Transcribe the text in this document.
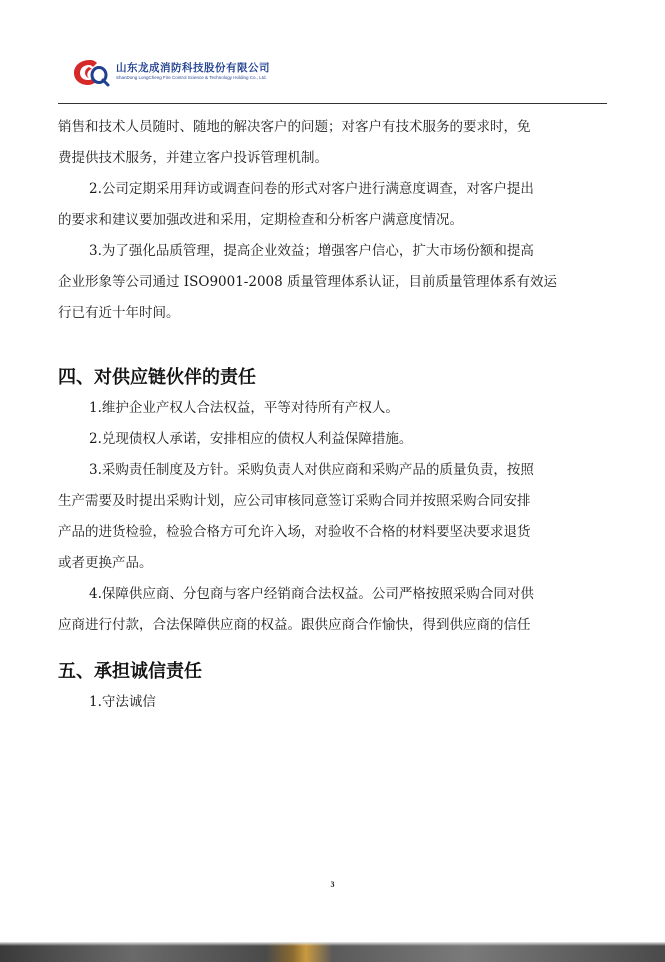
山东龙成消防科技股份有限公司
ShanDong LongCheng Fire Control Science & Technology Holding Co., Ltd.

销售和技术人员随时、随地的解决客户的问题；对客户有技术服务的要求时，免
费提供技术服务，并建立客户投诉管理机制。

2.公司定期采用拜访或调查问卷的形式对客户进行满意度调查，对客户提出
的要求和建议要加强改进和采用，定期检查和分析客户满意度情况。

3.为了强化品质管理，提高企业效益；增强客户信心，扩大市场份额和提高
企业形象等公司通过 ISO9001-2008 质量管理体系认证，目前质量管理体系有效运
行已有近十年时间。

四、对供应链伙伴的责任

1.维护企业产权人合法权益，平等对待所有产权人。

2.兑现债权人承诺，安排相应的债权人利益保障措施。

3.采购责任制度及方针。采购负责人对供应商和采购产品的质量负责，按照
生产需要及时提出采购计划，应公司审核同意签订采购合同并按照采购合同安排
产品的进货检验，检验合格方可允许入场，对验收不合格的材料要坚决要求退货
或者更换产品。

4.保障供应商、分包商与客户经销商合法权益。公司严格按照采购合同对供
应商进行付款，合法保障供应商的权益。跟供应商合作愉快，得到供应商的信任

五、承担诚信责任

1.守法诚信

3
